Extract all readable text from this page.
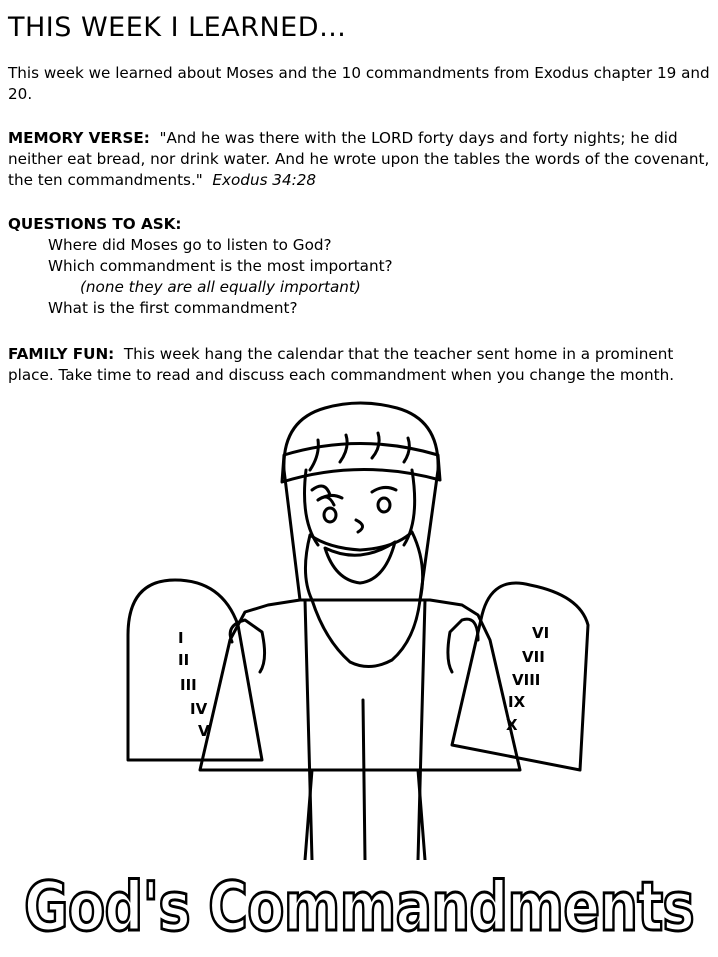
THIS WEEK I LEARNED…

This week we learned about Moses and the 10 commandments from Exodus chapter 19 and 20.

MEMORY VERSE: "And he was there with the LORD forty days and forty nights; he did neither eat bread, nor drink water. And he wrote upon the tables the words of the covenant, the ten commandments." Exodus 34:28

QUESTIONS TO ASK:

Where did Moses go to listen to God?
Which commandment is the most important?
(none they are all equally important)
What is the first commandment?

FAMILY FUN: This week hang the calendar that the teacher sent home in a prominent place. Take time to read and discuss each commandment when you change the month.

I
II
III
IV
V
VI
VII
VIII
IX
X
God's Commandments
